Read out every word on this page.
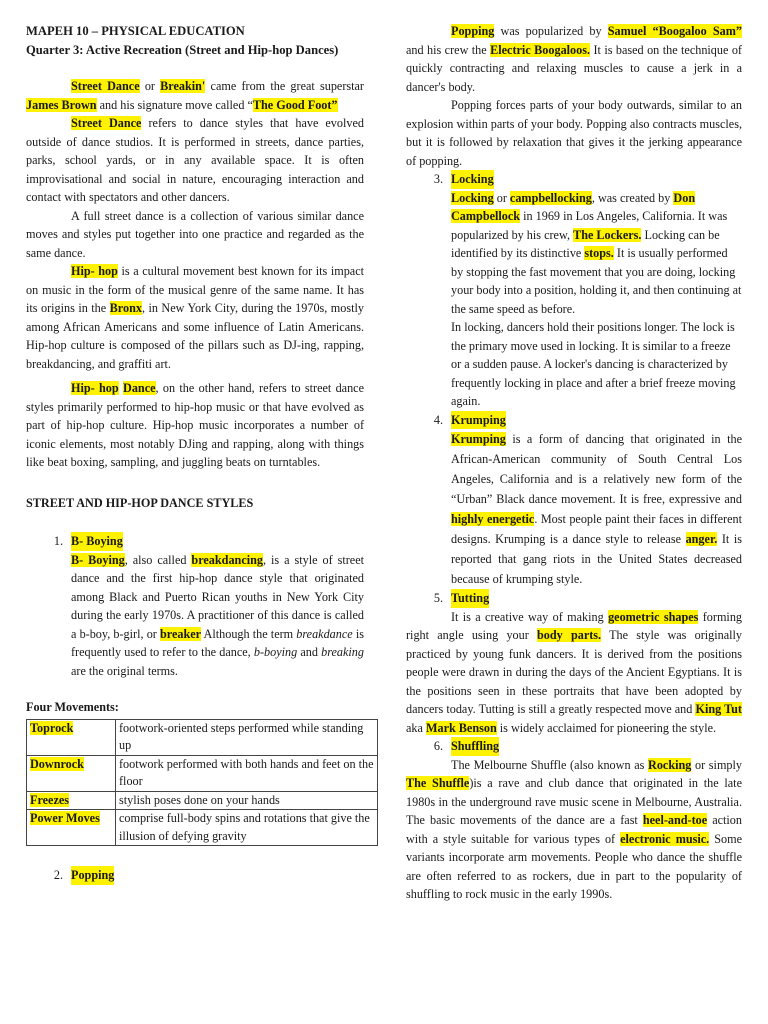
MAPEH 10 – PHYSICAL EDUCATION
Quarter 3: Active Recreation (Street and Hip-hop Dances)

Street Dance or Breakin' came from the great superstar James Brown and his signature move called “The Good Foot”

Street Dance refers to dance styles that have evolved outside of dance studios. It is performed in streets, dance parties, parks, school yards, or in any available space. It is often improvisational and social in nature, encouraging interaction and contact with spectators and other dancers.

A full street dance is a collection of various similar dance moves and styles put together into one practice and regarded as the same dance.

Hip- hop is a cultural movement best known for its impact on music in the form of the musical genre of the same name. It has its origins in the Bronx, in New York City, during the 1970s, mostly among African Americans and some influence of Latin Americans. Hip-hop culture is composed of the pillars such as DJ-ing, rapping, breakdancing, and graffiti art.

Hip- hop Dance, on the other hand, refers to street dance styles primarily performed to hip-hop music or that have evolved as part of hip-hop culture. Hip-hop music incorporates a number of iconic elements, most notably DJing and rapping, along with things like beat boxing, sampling, and juggling beats on turntables.

STREET AND HIP-HOP DANCE STYLES
1. B- Boying

B- Boying, also called breakdancing, is a style of street dance and the first hip-hop dance style that originated among Black and Puerto Rican youths in New York City during the early 1970s. A practitioner of this dance is called a b-boy, b-girl, or breaker Although the term breakdance is frequently used to refer to the dance, b-boying and breaking are the original terms.

Four Movements:
Toprock	footwork-oriented steps performed while standing up
Downrock	footwork performed with both hands and feet on the floor
Freezes	stylish poses done on your hands
Power Moves	comprise full-body spins and rotations that give the illusion of defying gravity
2. Popping

Popping was popularized by Samuel “Boogaloo Sam” and his crew the Electric Boogaloos. It is based on the technique of quickly contracting and relaxing muscles to cause a jerk in a dancer's body.

Popping forces parts of your body outwards, similar to an explosion within parts of your body. Popping also contracts muscles, but it is followed by relaxation that gives it the jerking appearance of popping.

3. Locking

Locking or campbellocking, was created by Don Campbellock in 1969 in Los Angeles, California. It was popularized by his crew, The Lockers. Locking can be identified by its distinctive stops. It is usually performed by stopping the fast movement that you are doing, locking your body into a position, holding it, and then continuing at the same speed as before.

In locking, dancers hold their positions longer. The lock is the primary move used in locking. It is similar to a freeze or a sudden pause. A locker's dancing is characterized by frequently locking in place and after a brief freeze moving again.

4. Krumping

Krumping is a form of dancing that originated in the African-American community of South Central Los Angeles, California and is a relatively new form of the “Urban” Black dance movement. It is free, expressive and highly energetic. Most people paint their faces in different designs. Krumping is a dance style to release anger. It is reported that gang riots in the United States decreased because of krumping style.

5. Tutting

It is a creative way of making geometric shapes forming right angle using your body parts. The style was originally practiced by young funk dancers. It is derived from the positions people were drawn in during the days of the Ancient Egyptians. It is the positions seen in these portraits that have been adopted by dancers today. Tutting is still a greatly respected move and King Tut aka Mark Benson is widely acclaimed for pioneering the style.

6. Shuffling

The Melbourne Shuffle (also known as Rocking or simply The Shuffle)is a rave and club dance that originated in the late 1980s in the underground rave music scene in Melbourne, Australia. The basic movements of the dance are a fast heel-and-toe action with a style suitable for various types of electronic music. Some variants incorporate arm movements. People who dance the shuffle are often referred to as rockers, due in part to the popularity of shuffling to rock music in the early 1990s.
